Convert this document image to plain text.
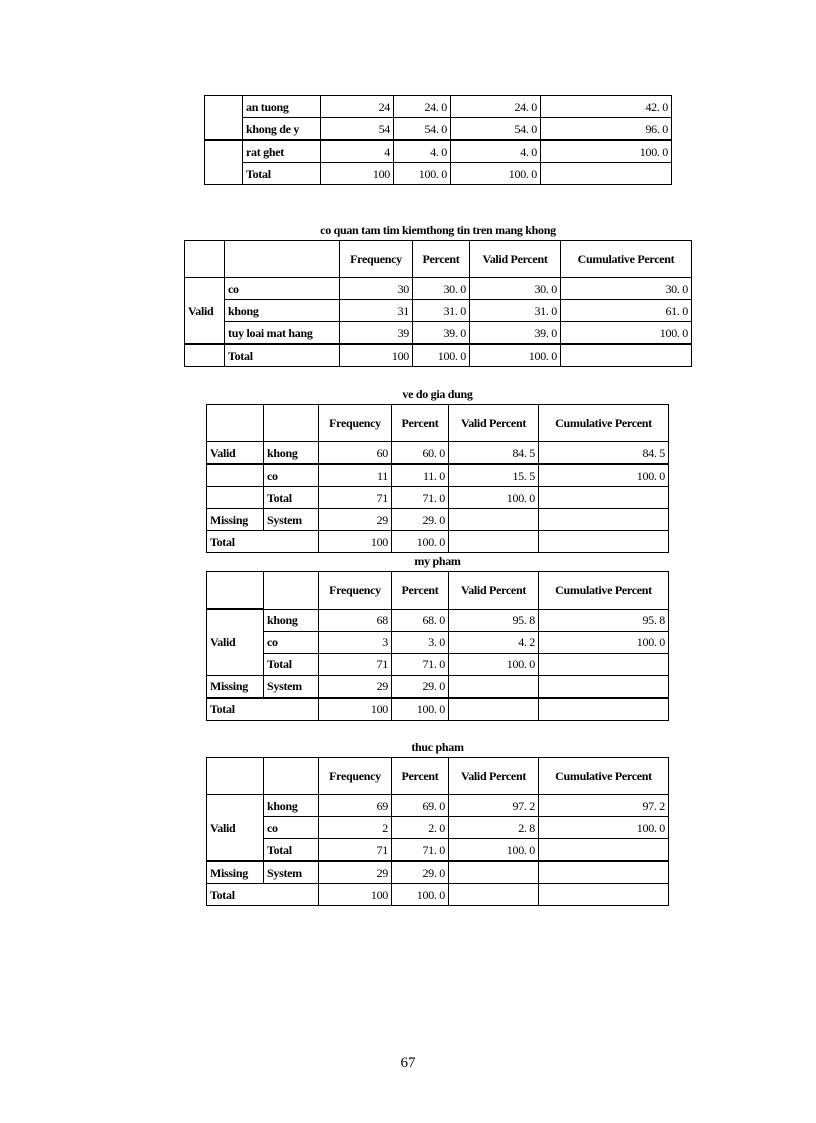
	an tuong	24	24. 0	24. 0	42. 0
	khong de y	54	54. 0	54. 0	96. 0
	rat ghet	4	4. 0	4. 0	100. 0
	Total	100	100. 0	100. 0	
co quan tam tim kiemthong tin tren mang khong
		Frequency	Percent	Valid Percent	Cumulative Percent
Valid	co	30	30. 0	30. 0	30. 0
	khong	31	31. 0	31. 0	61. 0
	tuy loai mat hang	39	39. 0	39. 0	100. 0
	Total	100	100. 0	100. 0	
ve do gia dung
		Frequency	Percent	Valid Percent	Cumulative Percent
Valid	khong	60	60. 0	84. 5	84. 5
	co	11	11. 0	15. 5	100. 0
	Total	71	71. 0	100. 0	
Missing	System	29	29. 0		
Total		100	100. 0		
my pham
		Frequency	Percent	Valid Percent	Cumulative Percent
Valid	khong	68	68. 0	95. 8	95. 8
	co	3	3. 0	4. 2	100. 0
	Total	71	71. 0	100. 0	
Missing	System	29	29. 0		
Total		100	100. 0		
thuc pham
		Frequency	Percent	Valid Percent	Cumulative Percent
Valid	khong	69	69. 0	97. 2	97. 2
	co	2	2. 0	2. 8	100. 0
	Total	71	71. 0	100. 0	
Missing	System	29	29. 0		
Total		100	100. 0		
67
